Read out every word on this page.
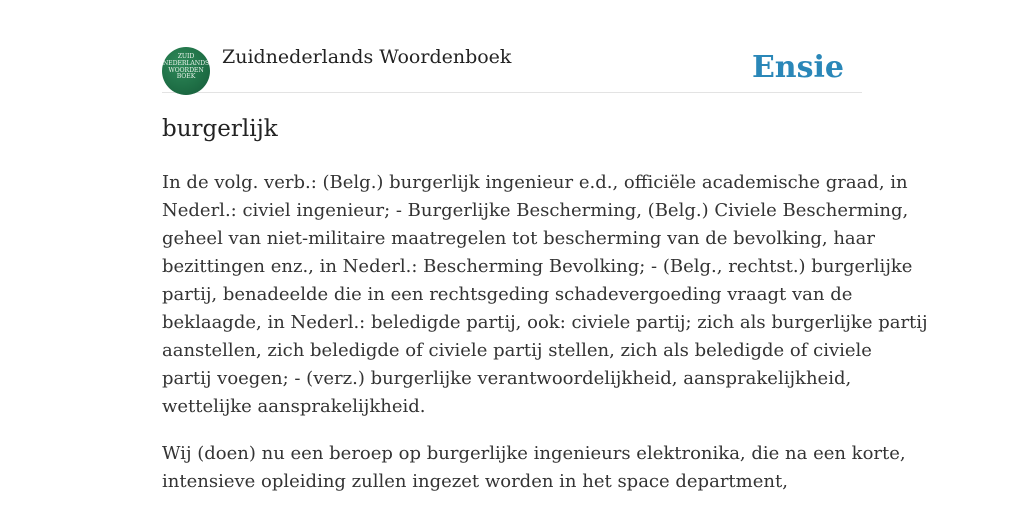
ZUID
NEDERLANDS
WOORDEN
BOEK
Zuidnederlands Woordenboek	Ensie
burgerlijk

In de volg. verb.: (Belg.) burgerlijk ingenieur e.d., officiële academische graad, in
Nederl.: civiel ingenieur; - Burgerlijke Bescherming, (Belg.) Civiele Bescherming,
geheel van niet-militaire maatregelen tot bescherming van de bevolking, haar
bezittingen enz., in Nederl.: Bescherming Bevolking; - (Belg., rechtst.) burgerlijke
partij, benadeelde die in een rechtsgeding schadevergoeding vraagt van de
beklaagde, in Nederl.: beledigde partij, ook: civiele partij; zich als burgerlijke partij
aanstellen, zich beledigde of civiele partij stellen, zich als beledigde of civiele
partij voegen; - (verz.) burgerlijke verantwoordelijkheid, aansprakelijkheid,
wettelijke aansprakelijkheid.

Wij (doen) nu een beroep op burgerlijke ingenieurs elektronika, die na een korte,
intensieve opleiding zullen ingezet worden in het space department,
